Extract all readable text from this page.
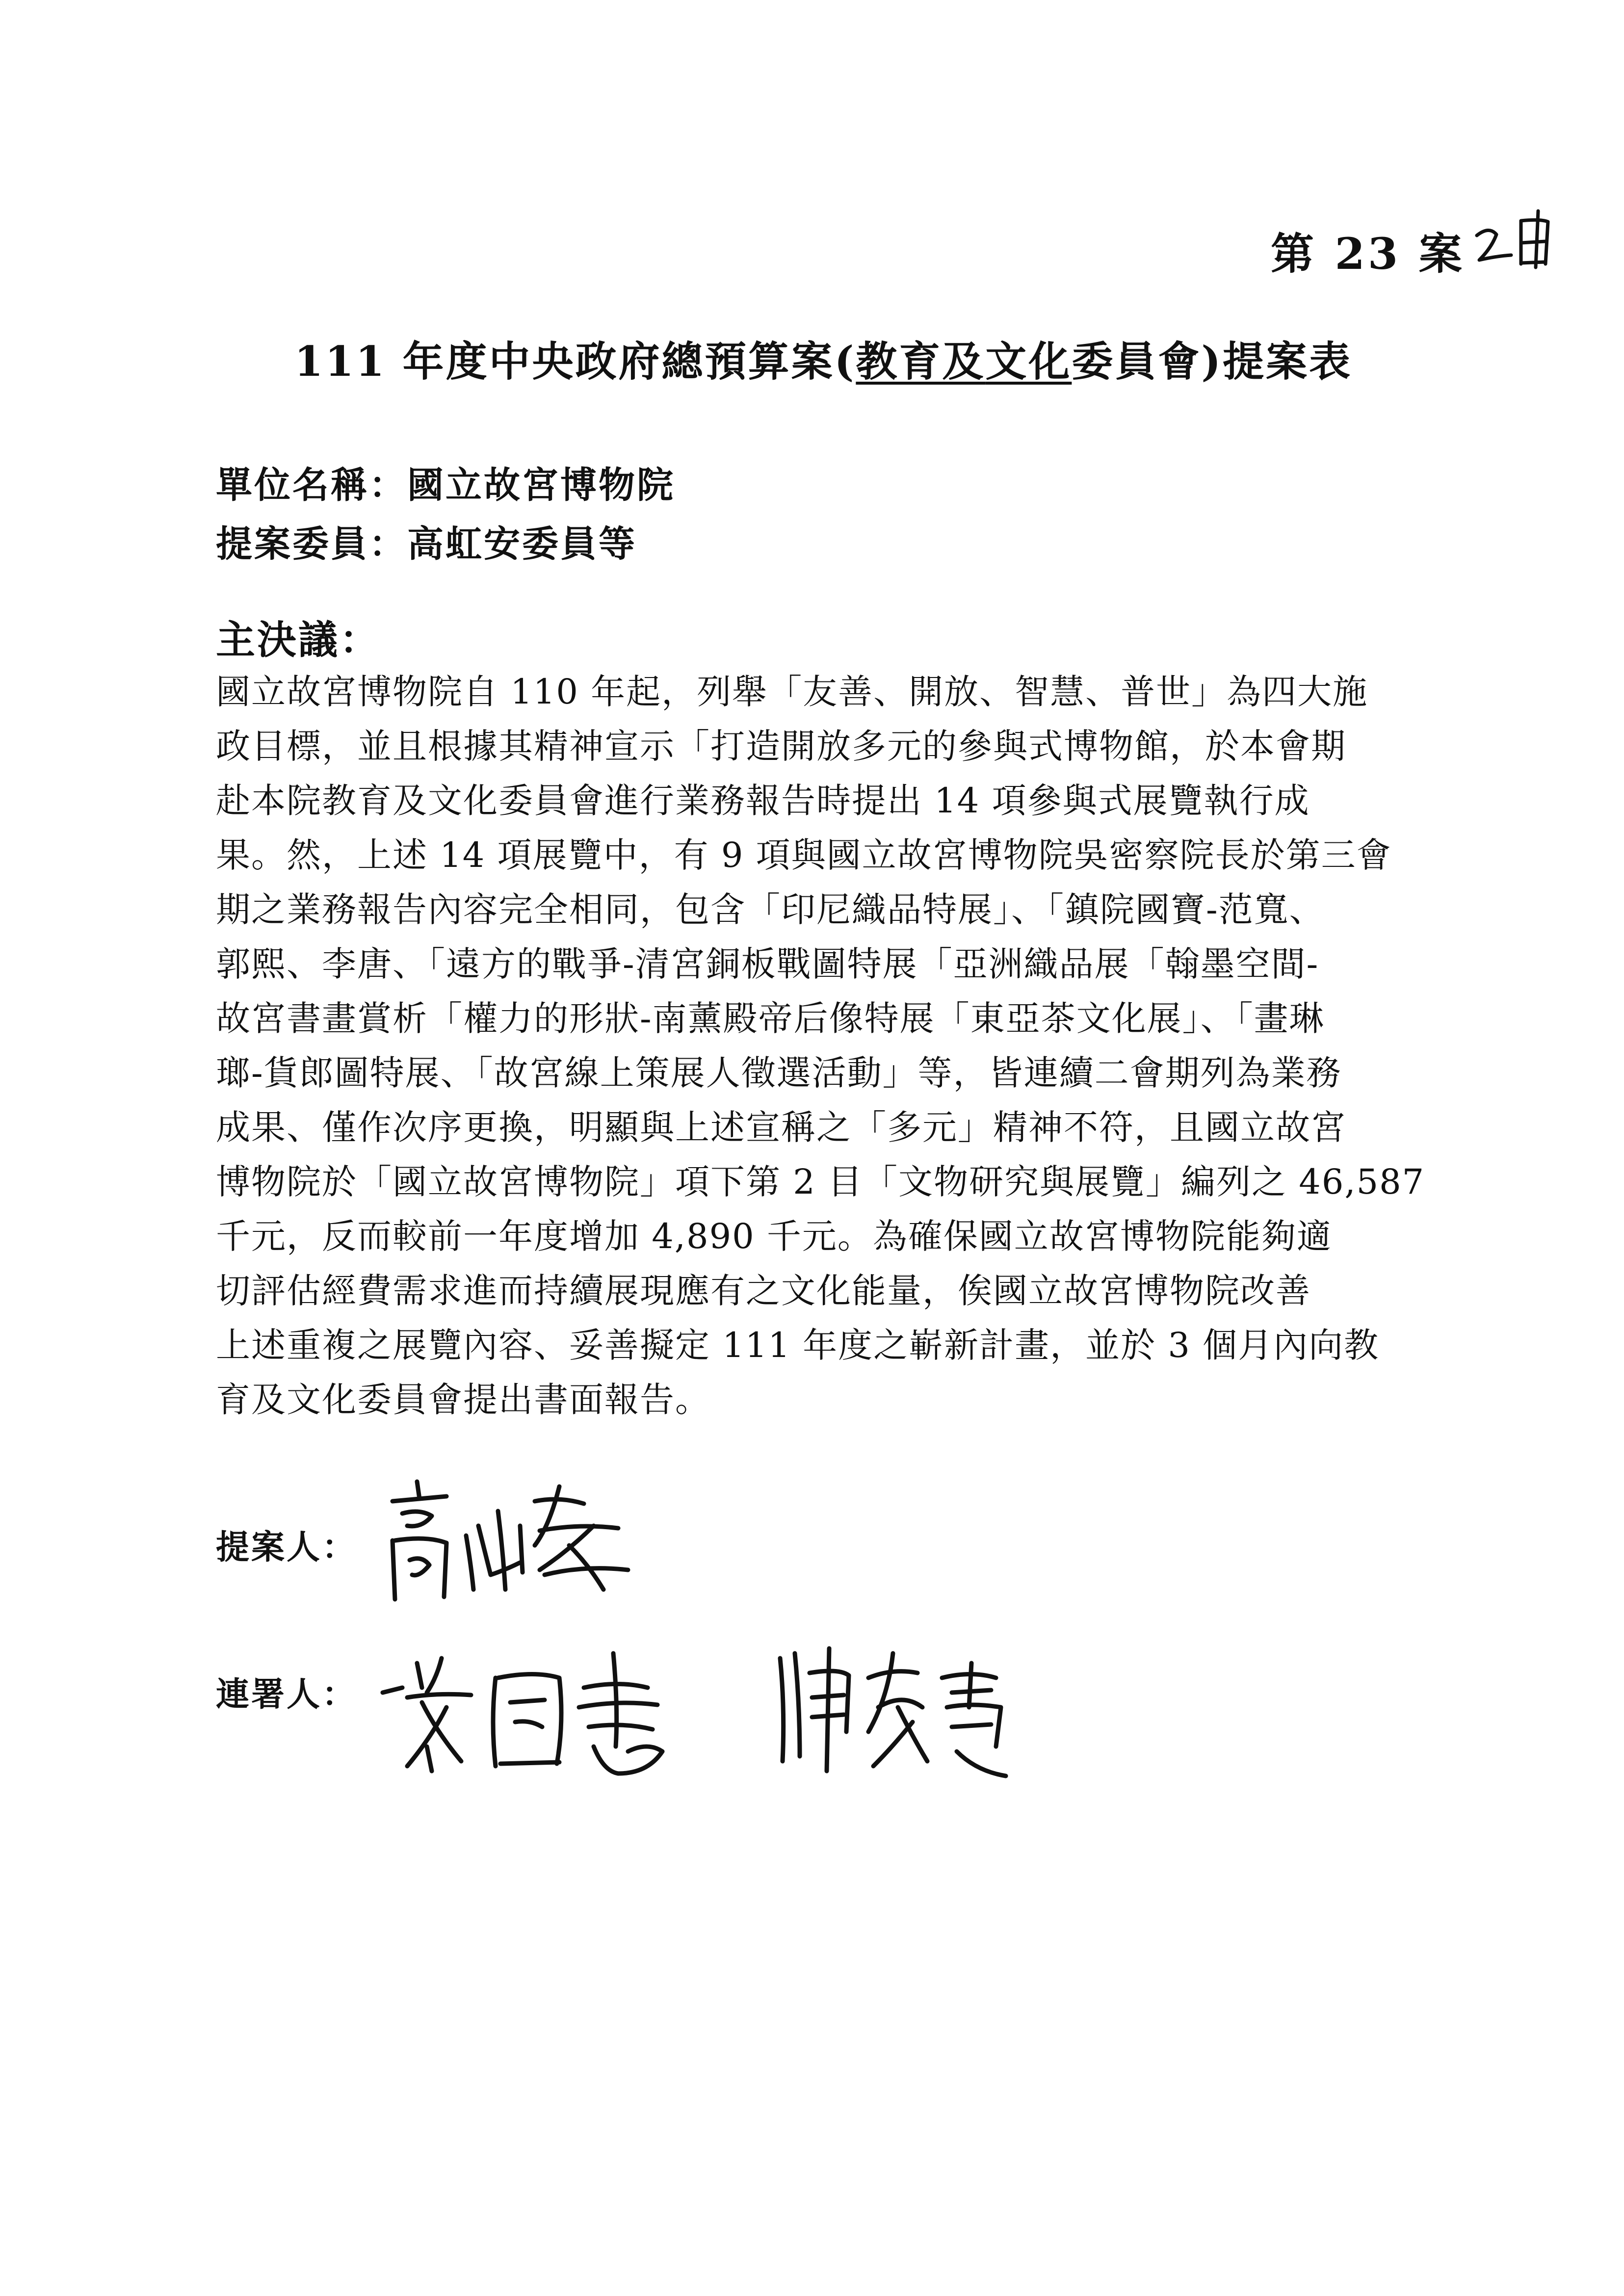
第 23 案
111 年度中央政府總預算案(教育及文化委員會)提案表
單位名稱：國立故宮博物院
提案委員：高虹安委員等
主決議：
國立故宮博物院自 110 年起，列舉「友善、開放、智慧、普世」為四大施
政目標，並且根據其精神宣示「打造開放多元的參與式博物館，於本會期
赴本院教育及文化委員會進行業務報告時提出 14 項參與式展覽執行成
果。然，上述 14 項展覽中，有 9 項與國立故宮博物院吳密察院長於第三會
期之業務報告內容完全相同，包含「印尼織品特展」、「鎮院國寶-范寬、
郭熙、李唐、「遠方的戰爭-清宮銅板戰圖特展「亞洲織品展「翰墨空間-
故宮書畫賞析「權力的形狀-南薰殿帝后像特展「東亞茶文化展」、「畫琳
瑯-貨郎圖特展、「故宮線上策展人徵選活動」等，皆連續二會期列為業務
成果、僅作次序更換，明顯與上述宣稱之「多元」精神不符，且國立故宮
博物院於「國立故宮博物院」項下第 2 目「文物研究與展覽」編列之 46,587
千元，反而較前一年度增加 4,890 千元。為確保國立故宮博物院能夠適
切評估經費需求進而持續展現應有之文化能量，俟國立故宮博物院改善
上述重複之展覽內容、妥善擬定 111 年度之嶄新計畫，並於 3 個月內向教
育及文化委員會提出書面報告。
提案人：
連署人：
